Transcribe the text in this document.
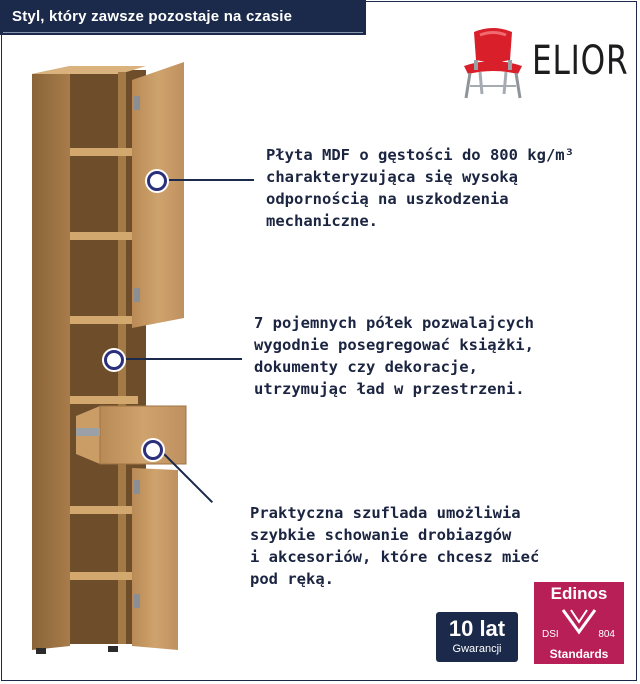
Styl, który zawsze pozostaje na czasie
ELIOR
Płyta MDF o gęstości do 800 kg/m³
charakteryzująca się wysoką
odpornością na uszkodzenia
mechaniczne.
7 pojemnych półek pozwalajcych
wygodnie posegregować książki,
dokumenty czy dekoracje,
utrzymując ład w przestrzeni.
Praktyczna szuflada umożliwia
szybkie schowanie drobiazgów
i akcesoriów, które chcesz mieć
pod ręką.
10 lat
Gwarancji
Edinos
DSI	804
Standards
